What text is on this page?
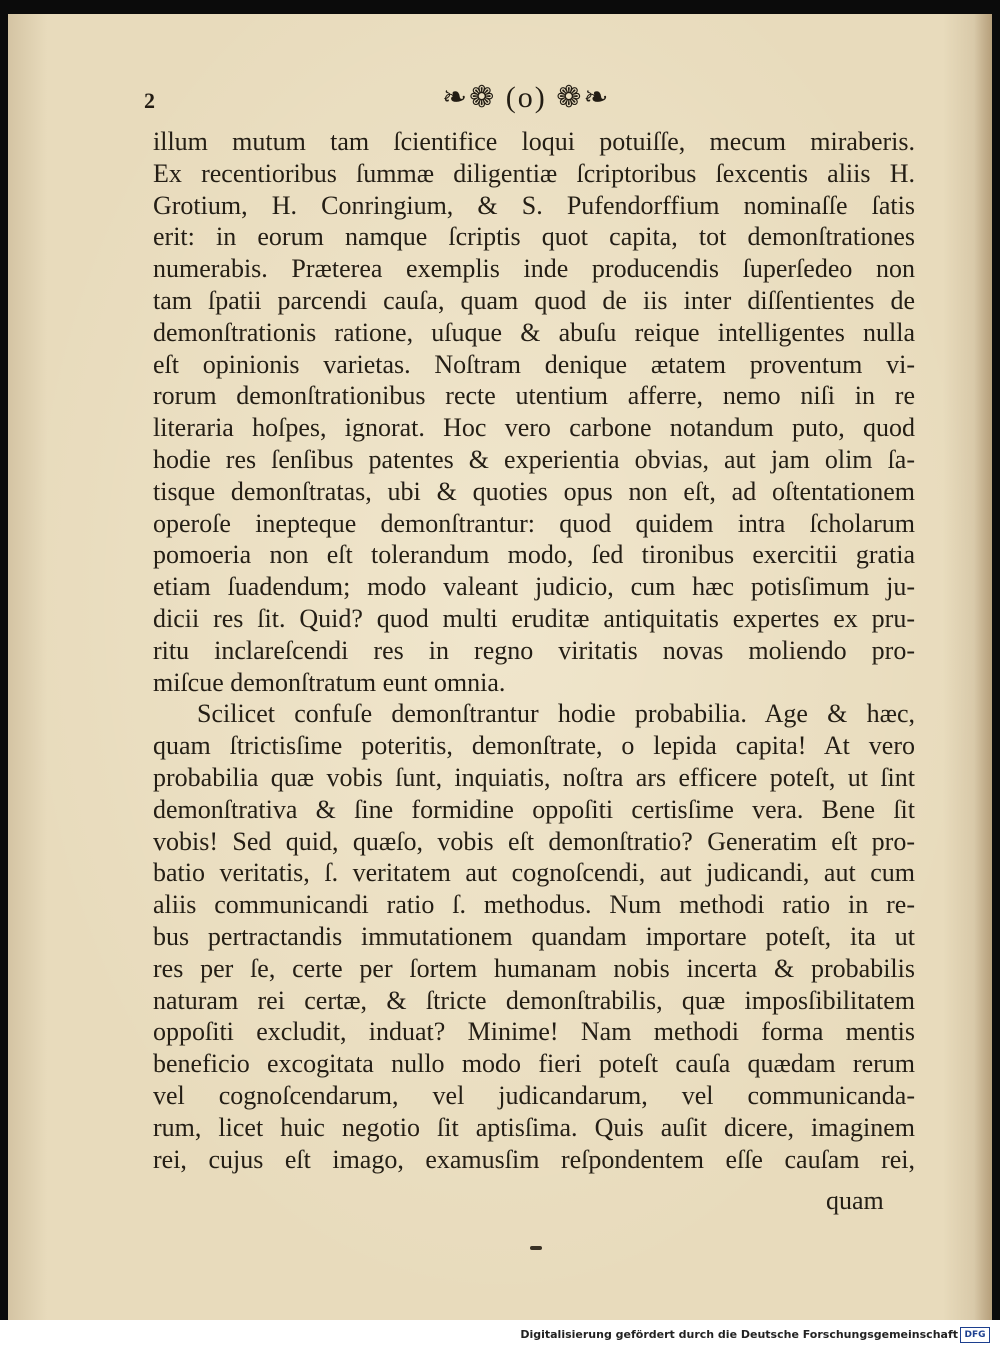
2	❧❁ (o) ❁❧
illum mutum tam ſcientifice loqui potuiſſe, mecum miraberis.
Ex recentioribus ſummæ diligentiæ ſcriptoribus ſexcentis aliis H.
Grotium, H. Conringium, & S. Pufendorffium nominaſſe ſatis
erit: in eorum namque ſcriptis quot capita, tot demonſtrationes
numerabis. Præterea exemplis inde producendis ſuperſedeo non
tam ſpatii parcendi cauſa, quam quod de iis inter diſſentientes de
demonſtrationis ratione, uſuque & abuſu reique intelligentes nulla
eſt opinionis varietas. Noſtram denique ætatem proventum vi-
rorum demonſtrationibus recte utentium afferre, nemo niſi in re
literaria hoſpes, ignorat. Hoc vero carbone notandum puto, quod
hodie res ſenſibus patentes & experientia obvias, aut jam olim ſa-
tisque demonſtratas, ubi & quoties opus non eſt, ad oſtentationem
operoſe inepteque demonſtrantur: quod quidem intra ſcholarum
pomoeria non eſt tolerandum modo, ſed tironibus exercitii gratia
etiam ſuadendum; modo valeant judicio, cum hæc potisſimum ju-
dicii res ſit. Quid? quod multi eruditæ antiquitatis expertes ex pru-
ritu inclareſcendi res in regno viritatis novas moliendo pro-
miſcue demonſtratum eunt omnia.
Scilicet confuſe demonſtrantur hodie probabilia. Age & hæc,
quam ſtrictisſime poteritis, demonſtrate, o lepida capita! At vero
probabilia quæ vobis ſunt, inquiatis, noſtra ars efficere poteſt, ut ſint
demonſtrativa & ſine formidine oppoſiti certisſime vera. Bene ſit
vobis! Sed quid, quæſo, vobis eſt demonſtratio? Generatim eſt pro-
batio veritatis, ſ. veritatem aut cognoſcendi, aut judicandi, aut cum
aliis communicandi ratio ſ. methodus. Num methodi ratio in re-
bus pertractandis immutationem quandam importare poteſt, ita ut
res per ſe, certe per ſortem humanam nobis incerta & probabilis
naturam rei certæ, & ſtricte demonſtrabilis, quæ imposſibilitatem
oppoſiti excludit, induat? Minime! Nam methodi forma mentis
beneficio excogitata nullo modo fieri poteſt cauſa quædam rerum
vel cognoſcendarum, vel judicandarum, vel communicanda-
rum, licet huic negotio ſit aptisſima. Quis auſit dicere, imaginem
rei, cujus eſt imago, examusſim reſpondentem eſſe cauſam rei,
quam
Digitalisierung gefördert durch die Deutsche Forschungsgemeinschaft DFG
